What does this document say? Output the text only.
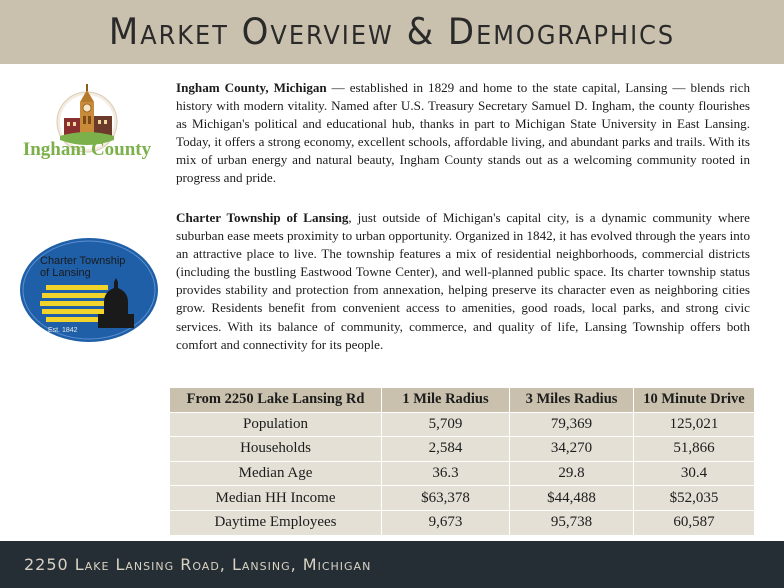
Market Overview & Demographics
Ingham County
Charter Township
of Lansing
Est. 1842

Ingham County, Michigan — established in 1829 and home to the state capital, Lansing — blends rich history with modern vitality. Named after U.S. Treasury Secretary Samuel D. Ingham, the county flourishes as Michigan's political and educational hub, thanks in part to Michigan State University in East Lansing. Today, it offers a strong economy, excellent schools, affordable living, and abundant parks and trails. With its mix of urban energy and natural beauty, Ingham County stands out as a welcoming community rooted in progress and pride.

Charter Township of Lansing, just outside of Michigan's capital city, is a dynamic community where suburban ease meets proximity to urban opportunity. Organized in 1842, it has evolved through the years into an attractive place to live. The township features a mix of residential neighborhoods, commercial districts (including the bustling Eastwood Towne Center), and well-planned public space. Its charter township status provides stability and protection from annexation, helping preserve its character even as neighboring cities grow. Residents benefit from convenient access to amenities, good roads, local parks, and strong civic services. With its balance of community, commerce, and quality of life, Lansing Township offers both comfort and connectivity for its people.

From 2250 Lake Lansing Rd	1 Mile Radius	3 Miles Radius	10 Minute Drive
Population	5,709	79,369	125,021
Households	2,584	34,270	51,866
Median Age	36.3	29.8	30.4
Median HH Income	$63,378	$44,488	$52,035
Daytime Employees	9,673	95,738	60,587
2250 Lake Lansing Road, Lansing, Michigan
